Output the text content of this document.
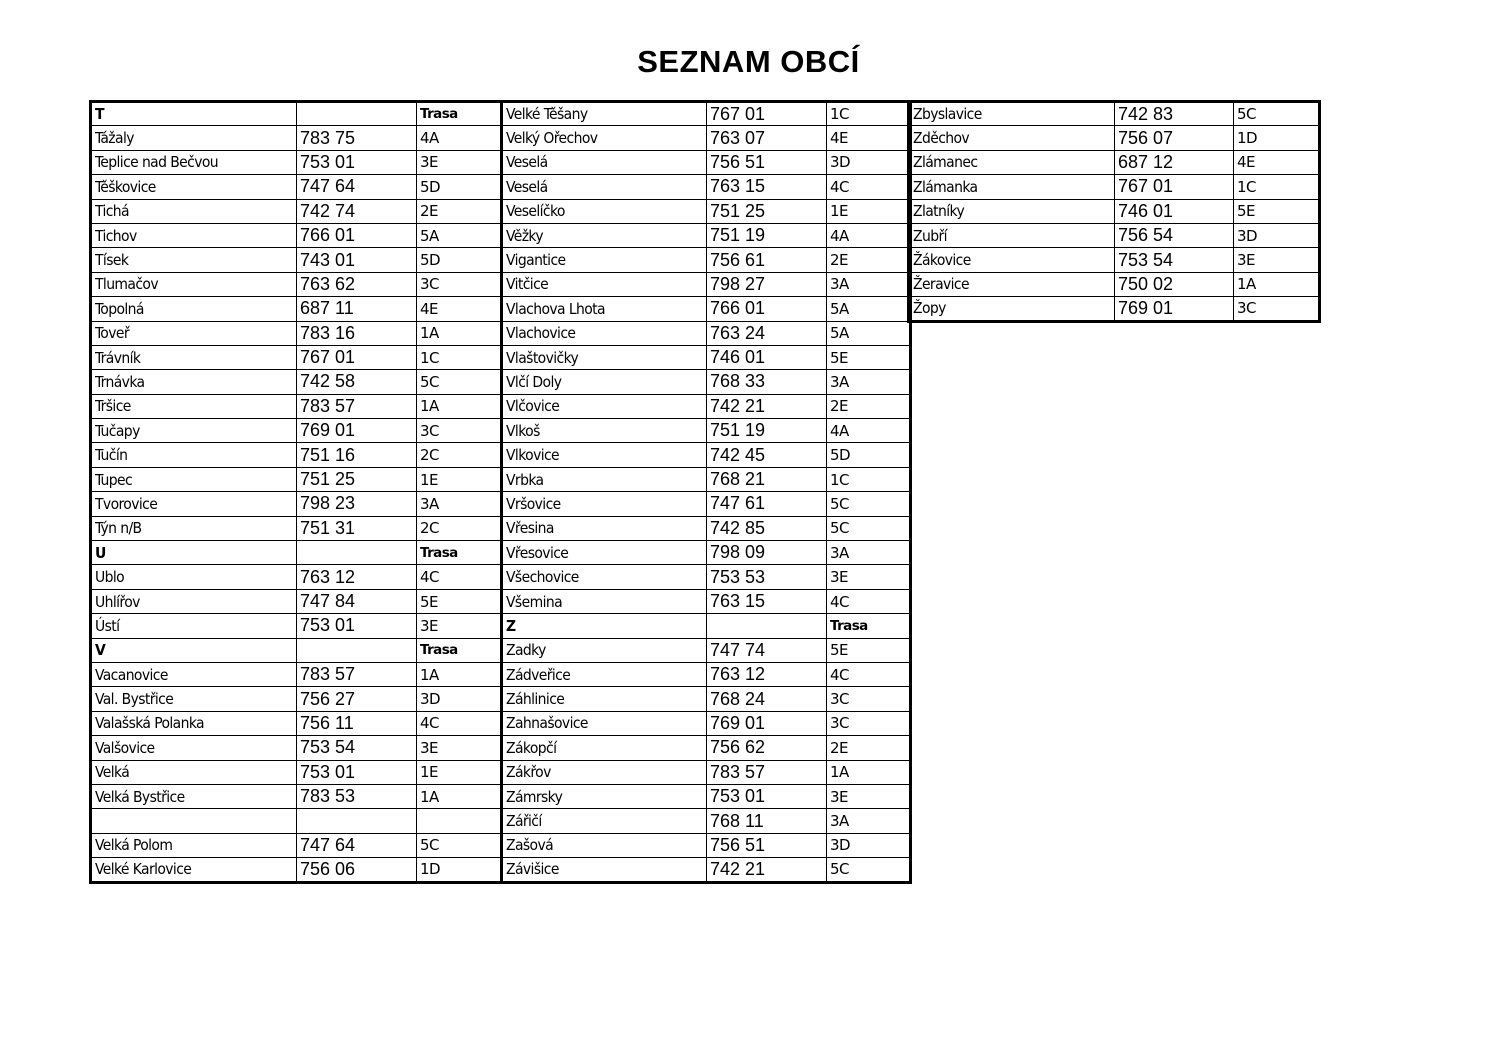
SEZNAM OBCÍ
T		Trasa
Tážaly	783 75	4A
Teplice nad Bečvou	753 01	3E
Těškovice	747 64	5D
Tichá	742 74	2E
Tichov	766 01	5A
Tísek	743 01	5D
Tlumačov	763 62	3C
Topolná	687 11	4E
Toveř	783 16	1A
Trávník	767 01	1C
Trnávka	742 58	5C
Tršice	783 57	1A
Tučapy	769 01	3C
Tučín	751 16	2C
Tupec	751 25	1E
Tvorovice	798 23	3A
Týn n/B	751 31	2C
U		Trasa
Ublo	763 12	4C
Uhlířov	747 84	5E
Ústí	753 01	3E
V		Trasa
Vacanovice	783 57	1A
Val. Bystřice	756 27	3D
Valašská Polanka	756 11	4C
Valšovice	753 54	3E
Velká	753 01	1E
Velká Bystřice	783 53	1A

Velká Polom	747 64	5C
Velké Karlovice	756 06	1D
Velké Těšany	767 01	1C
Velký Ořechov	763 07	4E
Veselá	756 51	3D
Veselá	763 15	4C
Veselíčko	751 25	1E
Věžky	751 19	4A
Vigantice	756 61	2E
Vitčice	798 27	3A
Vlachova Lhota	766 01	5A
Vlachovice	763 24	5A
Vlaštovičky	746 01	5E
Vlčí Doly	768 33	3A
Vlčovice	742 21	2E
Vlkoš	751 19	4A
Vlkovice	742 45	5D
Vrbka	768 21	1C
Vršovice	747 61	5C
Vřesina	742 85	5C
Vřesovice	798 09	3A
Všechovice	753 53	3E
Všemina	763 15	4C
Z		Trasa
Zadky	747 74	5E
Zádveřice	763 12	4C
Záhlinice	768 24	3C
Zahnašovice	769 01	3C
Zákopčí	756 62	2E
Zákřov	783 57	1A
Zámrsky	753 01	3E
Zářičí	768 11	3A
Zašová	756 51	3D
Závišice	742 21	5C
Zbyslavice	742 83	5C
Zděchov	756 07	1D
Zlámanec	687 12	4E
Zlámanka	767 01	1C
Zlatníky	746 01	5E
Zubří	756 54	3D
Žákovice	753 54	3E
Žeravice	750 02	1A
Žopy	769 01	3C
